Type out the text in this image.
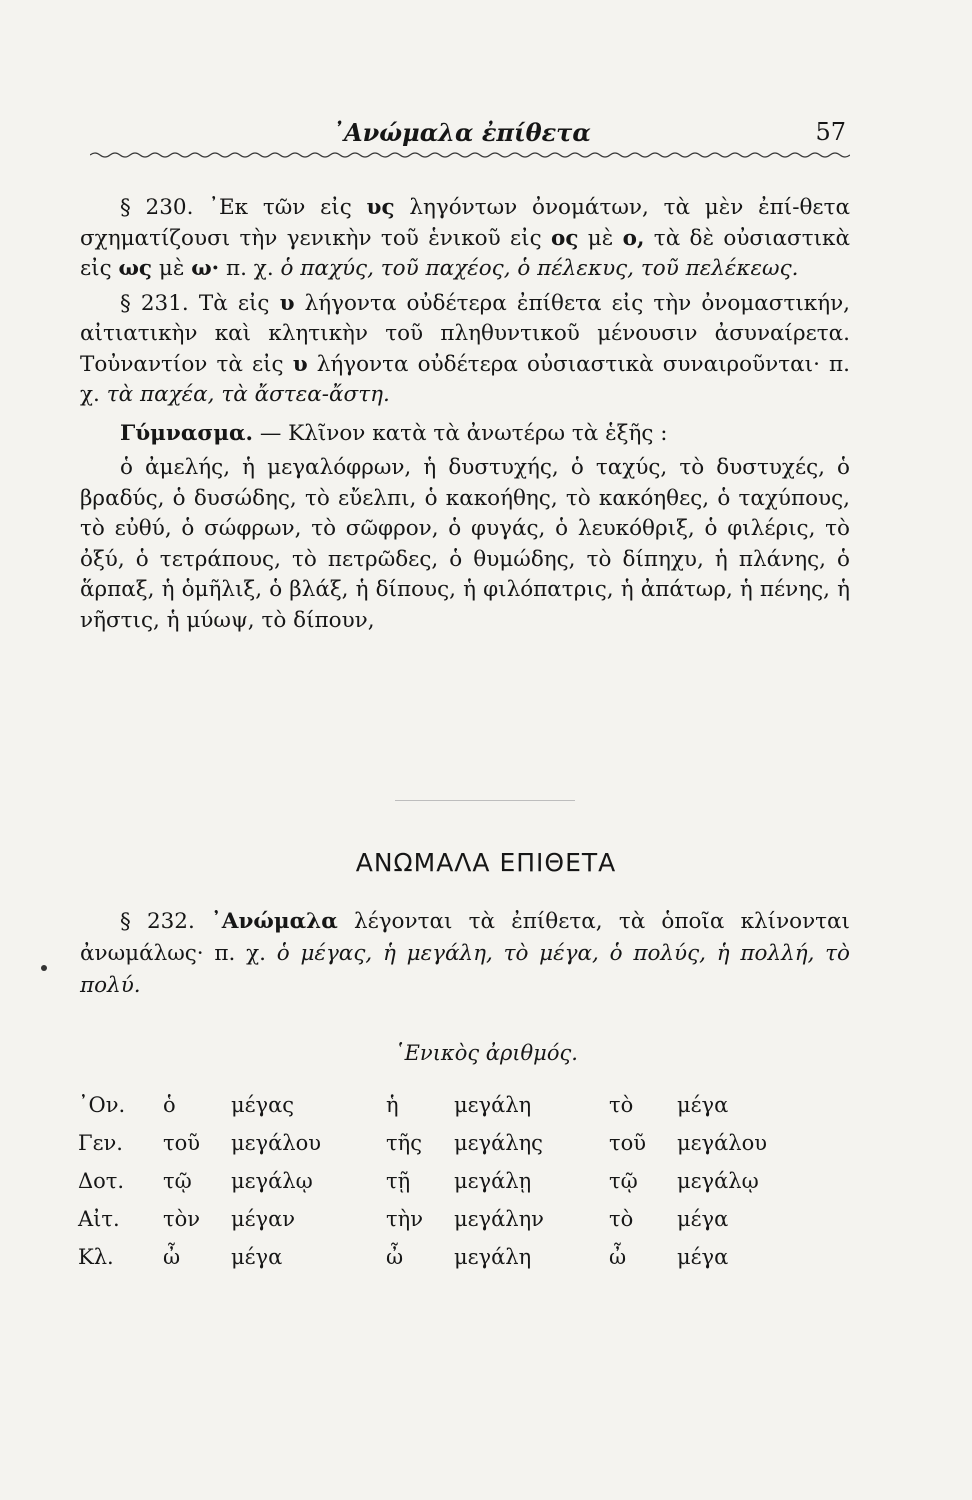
᾿Ανώμαλα ἐπίθετα	57

§ 230. ᾿Εκ τῶν εἰς υς ληγόντων ὀνομάτων, τὰ μὲν ἐπί-θετα σχηματίζουσι τὴν γενικὴν τοῦ ἑνικοῦ εἰς ος μὲ ο, τὰ δὲ οὐσιαστικὰ εἰς ως μὲ ω· π. χ. ὁ παχύς, τοῦ παχέος, ὁ πέλεκυς, τοῦ πελέκεως.

§ 231. Τὰ εἰς υ λήγοντα οὐδέτερα ἐπίθετα εἰς τὴν ὀνομαστικήν, αἰτιατικὴν καὶ κλητικὴν τοῦ πληθυντικοῦ μένουσιν ἀσυναίρετα. Τοὐναντίον τὰ εἰς υ λήγοντα οὐδέτερα οὐσιαστικὰ συναιροῦνται· π. χ. τὰ παχέα, τὰ ἄστεα-ἄστη.

Γύμνασμα. — Κλῖνον κατὰ τὰ ἀνωτέρω τὰ ἑξῆς :

ὁ ἀμελής, ἡ μεγαλόφρων, ἡ δυστυχής, ὁ ταχύς, τὸ δυστυχές, ὁ βραδύς, ὁ δυσώδης, τὸ εὔελπι, ὁ κακοήθης, τὸ κακόηθες, ὁ ταχύπους, τὸ εὐθύ, ὁ σώφρων, τὸ σῶφρον, ὁ φυγάς, ὁ λευκόθριξ, ὁ φιλέρις, τὸ ὀξύ, ὁ τετράπους, τὸ πετρῶδες, ὁ θυμώδης, τὸ δίπηχυ, ἡ πλάνης, ὁ ἅρπαξ, ἡ ὁμῆλιξ, ὁ βλάξ, ἡ δίπους, ἡ φιλόπατρις, ἡ ἀπάτωρ, ἡ πένης, ἡ νῆστις, ἡ μύωψ, τὸ δίπουν,

ΑΝΩΜΑΛΑ ΕΠΙΘΕΤΑ

§ 232. ᾿Ανώμαλα λέγονται τὰ ἐπίθετα, τὰ ὁποῖα κλίνονται ἀνωμάλως· π. χ. ὁ μέγας, ἡ μεγάλη, τὸ μέγα, ὁ πολύς, ἡ πολλή, τὸ πολύ.

῾Ενικὸς ἀριθμός.
᾿Ον.	ὁ	μέγας	ἡ	μεγάλη	τὸ	μέγα
Γεν.	τοῦ	μεγάλου	τῆς	μεγάλης	τοῦ	μεγάλου
Δοτ.	τῷ	μεγάλῳ	τῇ	μεγάλῃ	τῷ	μεγάλῳ
Αἰτ.	τὸν	μέγαν	τὴν	μεγάλην	τὸ	μέγα
Κλ.	ὦ	μέγα	ὦ	μεγάλη	ὦ	μέγα
